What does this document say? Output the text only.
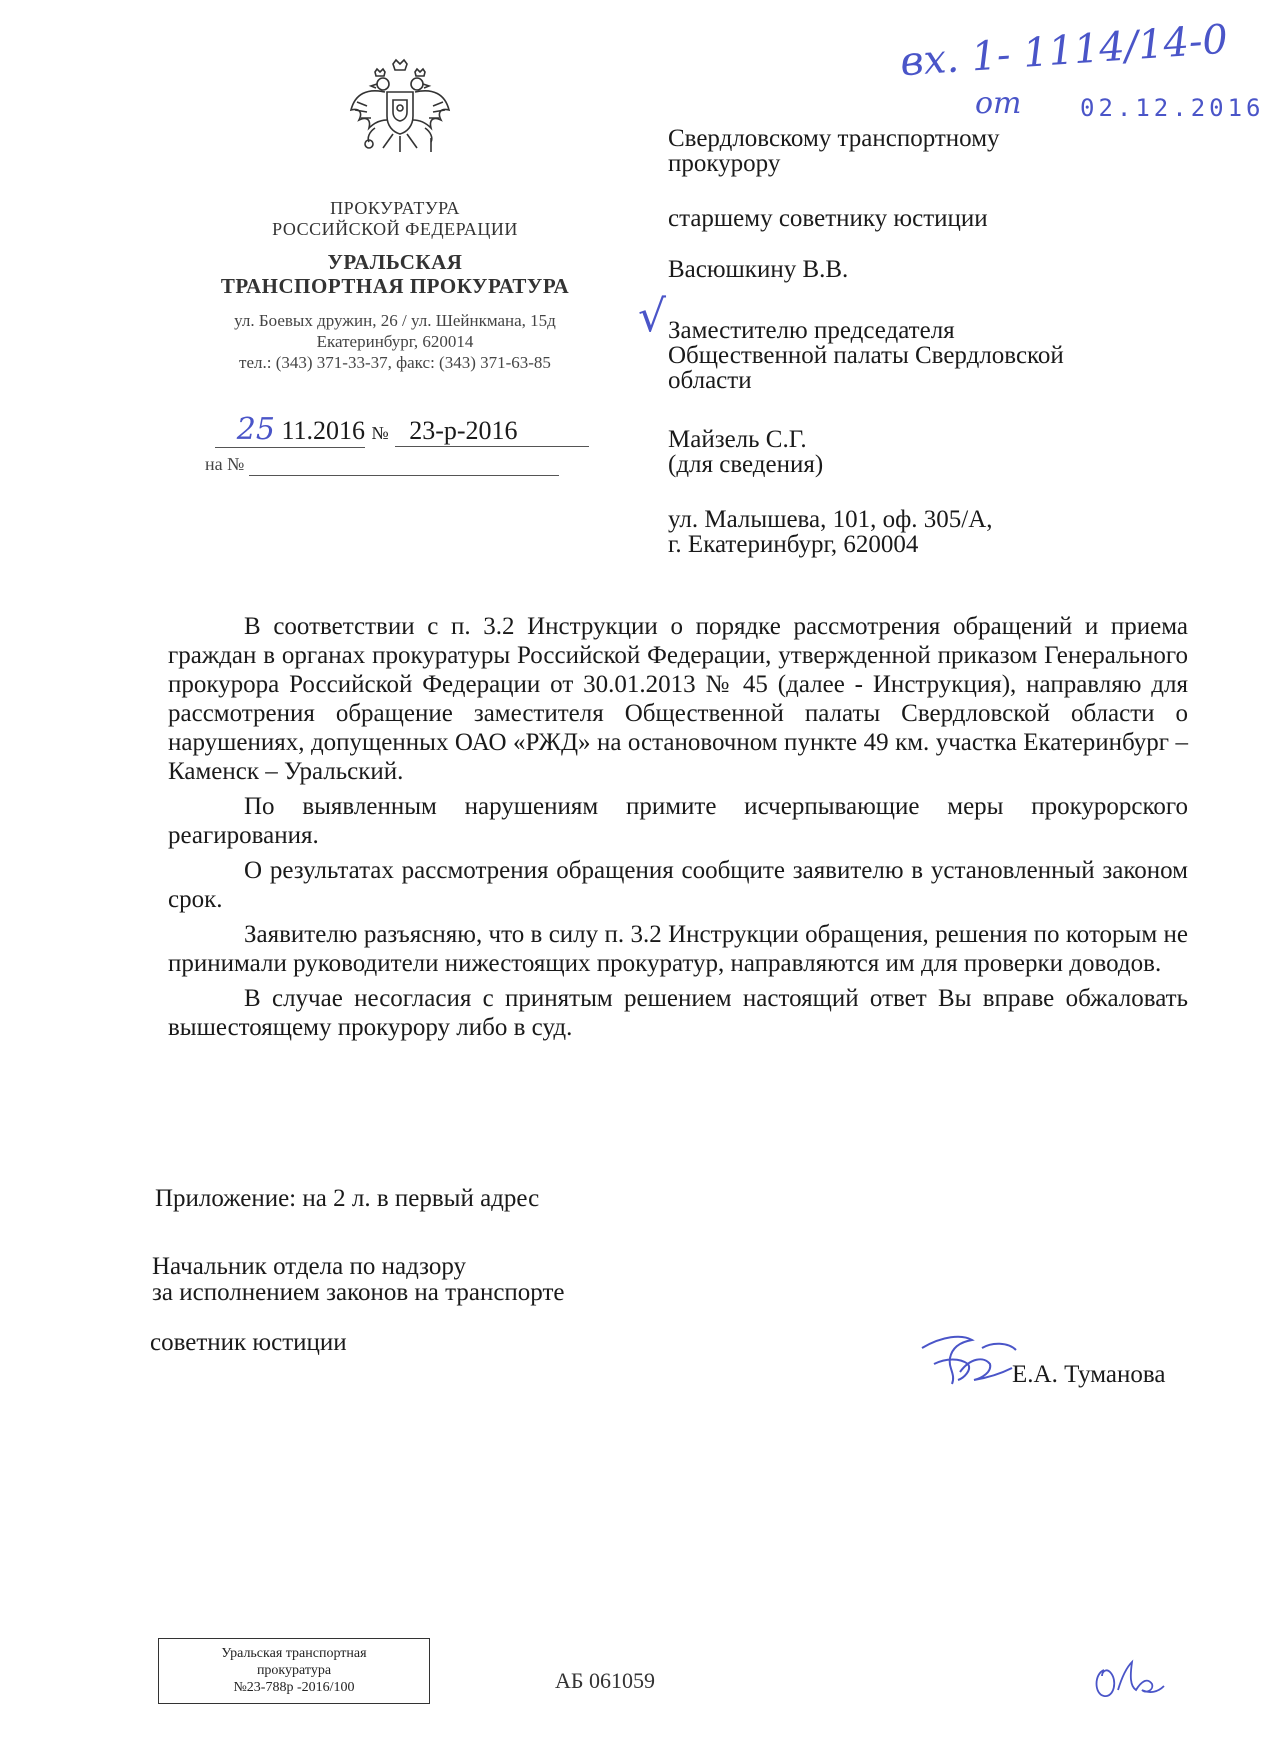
вх. 1- 1114/14-0
от 02.12.2016
ПРОКУРАТУРА
РОССИЙСКОЙ ФЕДЕРАЦИИ
УРАЛЬСКАЯ
ТРАНСПОРТНАЯ ПРОКУРАТУРА
ул. Боевых дружин, 26 / ул. Шейнкмана, 15д
Екатеринбург, 620014
тел.: (343) 371-33-37, факс: (343) 371-63-85
25 11.2016 № 23-р-2016
на №

Свердловскому транспортному

прокурору

старшему советнику юстиции

Васюшкину В.В.

√ Заместителю председателя

Общественной палаты Свердловской

области

Майзель С.Г.

(для сведения)

ул. Малышева, 101, оф. 305/А,

г. Екатеринбург, 620004

В соответствии с п. 3.2 Инструкции о порядке рассмотрения обращений и приема граждан в органах прокуратуры Российской Федерации, утвержденной приказом Генерального прокурора Российской Федерации от 30.01.2013 № 45 (далее - Инструкция), направляю для рассмотрения обращение заместителя Общественной палаты Свердловской области о нарушениях, допущенных ОАО «РЖД» на остановочном пункте 49 км. участка Екатеринбург – Каменск – Уральский.

По выявленным нарушениям примите исчерпывающие меры прокурорского реагирования.

О результатах рассмотрения обращения сообщите заявителю в установленный законом срок.

Заявителю разъясняю, что в силу п. 3.2 Инструкции обращения, решения по которым не принимали руководители нижестоящих прокуратур, направляются им для проверки доводов.

В случае несогласия с принятым решением настоящий ответ Вы вправе обжаловать вышестоящему прокурору либо в суд.

Приложение: на 2 л. в первый адрес
Начальник отдела по надзору
за исполнением законов на транспорте
советник юстиции
Е.А. Туманова
Уральская транспортная
прокуратура
№23-788р -2016/100	АБ 061059
